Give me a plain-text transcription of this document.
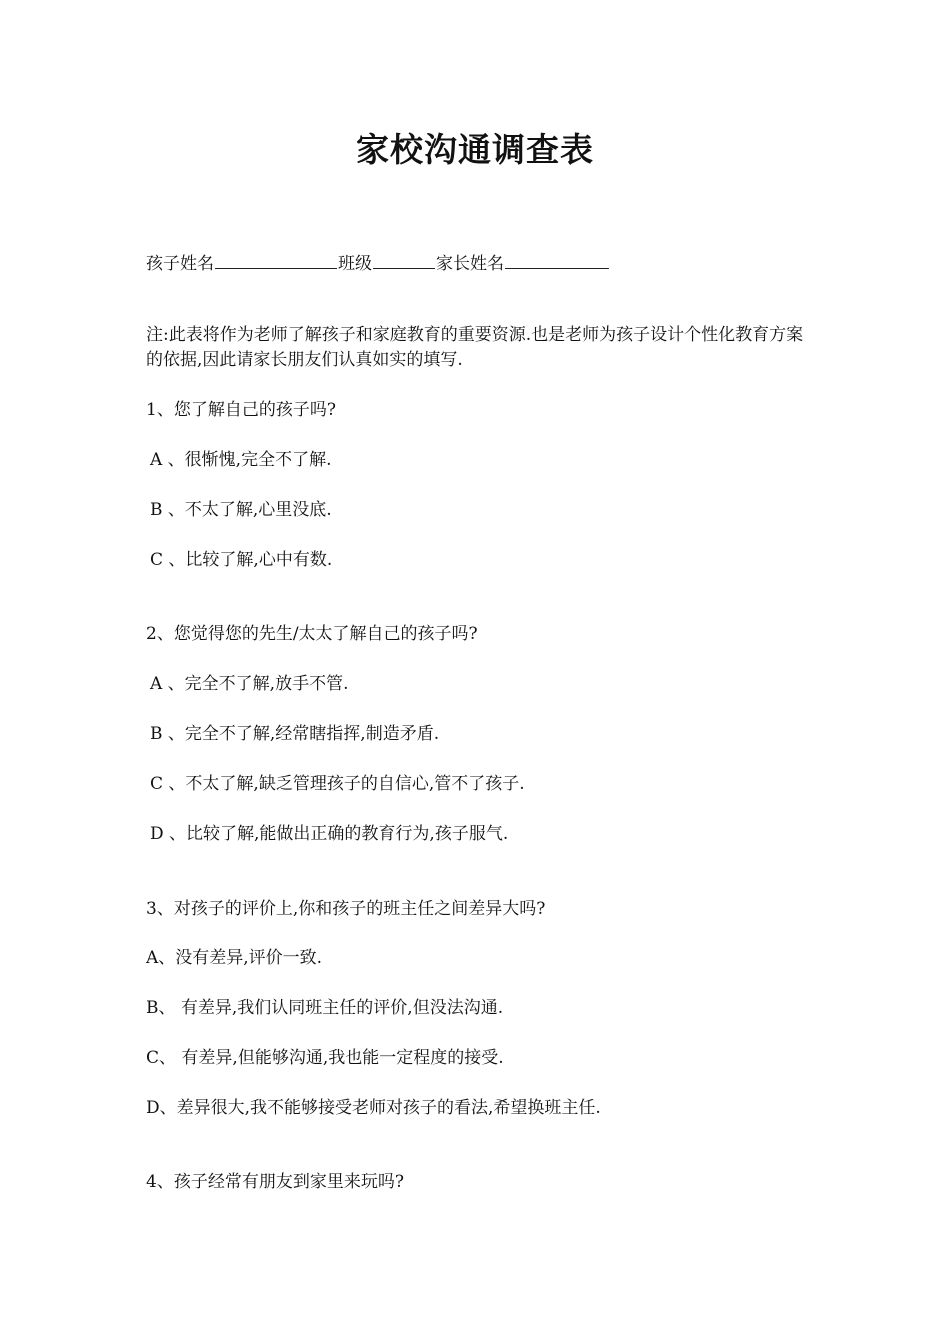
家校沟通调查表

孩子姓名	班级	家长姓名

注:此表将作为老师了解孩子和家庭教育的重要资源.也是老师为孩子设计个性化教育方案的依据,因此请家长朋友们认真如实的填写.

1、您了解自己的孩子吗?

A 、很惭愧,完全不了解.

B 、不太了解,心里没底.

C 、比较了解,心中有数.

2、您觉得您的先生/太太了解自己的孩子吗?

A 、完全不了解,放手不管.

B 、完全不了解,经常瞎指挥,制造矛盾.

C 、不太了解,缺乏管理孩子的自信心,管不了孩子.

D 、比较了解,能做出正确的教育行为,孩子服气.

3、对孩子的评价上,你和孩子的班主任之间差异大吗?

A、没有差异,评价一致.

B、 有差异,我们认同班主任的评价,但没法沟通.

C、 有差异,但能够沟通,我也能一定程度的接受.

D、差异很大,我不能够接受老师对孩子的看法,希望换班主任.

4、孩子经常有朋友到家里来玩吗?
